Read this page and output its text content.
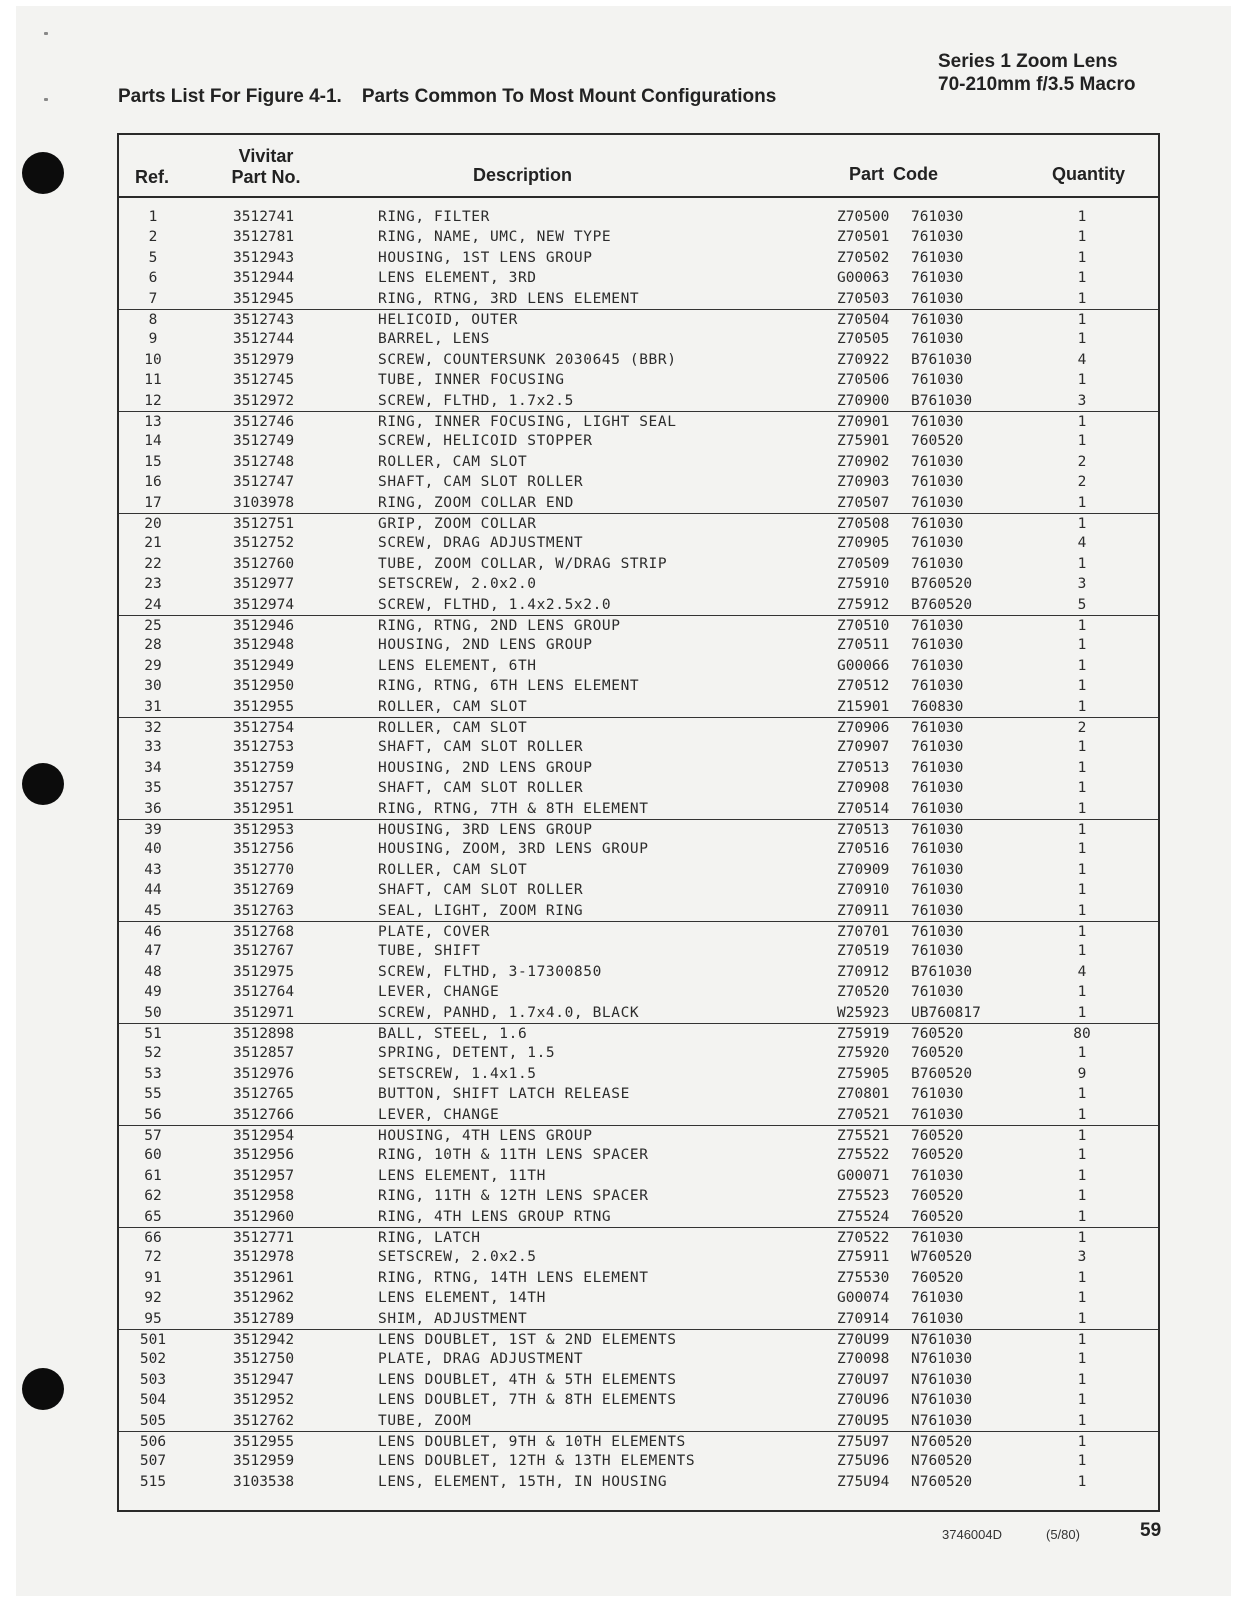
Series 1 Zoom Lens
70-210mm f/3.5 Macro
Parts List For Figure 4-1. Parts Common To Most Mount Configurations
Ref.
Vivitar
Part No.	Description	Part Code	Quantity
1	3512741	RING, FILTER	Z70500 761030	1
2	3512781	RING, NAME, UMC, NEW TYPE	Z70501 761030	1
5	3512943	HOUSING, 1ST LENS GROUP	Z70502 761030	1
6	3512944	LENS ELEMENT, 3RD	G00063 761030	1
7	3512945	RING, RTNG, 3RD LENS ELEMENT	Z70503 761030	1
8	3512743	HELICOID, OUTER	Z70504 761030	1
9	3512744	BARREL, LENS	Z70505 761030	1
10	3512979	SCREW, COUNTERSUNK 2030645 (BBR)	Z70922 B761030	4
11	3512745	TUBE, INNER FOCUSING	Z70506 761030	1
12	3512972	SCREW, FLTHD, 1.7x2.5	Z70900 B761030	3
13	3512746	RING, INNER FOCUSING, LIGHT SEAL	Z70901 761030	1
14	3512749	SCREW, HELICOID STOPPER	Z75901 760520	1
15	3512748	ROLLER, CAM SLOT	Z70902 761030	2
16	3512747	SHAFT, CAM SLOT ROLLER	Z70903 761030	2
17	3103978	RING, ZOOM COLLAR END	Z70507 761030	1
20	3512751	GRIP, ZOOM COLLAR	Z70508 761030	1
21	3512752	SCREW, DRAG ADJUSTMENT	Z70905 761030	4
22	3512760	TUBE, ZOOM COLLAR, W/DRAG STRIP	Z70509 761030	1
23	3512977	SETSCREW, 2.0x2.0	Z75910 B760520	3
24	3512974	SCREW, FLTHD, 1.4x2.5x2.0	Z75912 B760520	5
25	3512946	RING, RTNG, 2ND LENS GROUP	Z70510 761030	1
28	3512948	HOUSING, 2ND LENS GROUP	Z70511 761030	1
29	3512949	LENS ELEMENT, 6TH	G00066 761030	1
30	3512950	RING, RTNG, 6TH LENS ELEMENT	Z70512 761030	1
31	3512955	ROLLER, CAM SLOT	Z15901 760830	1
32	3512754	ROLLER, CAM SLOT	Z70906 761030	2
33	3512753	SHAFT, CAM SLOT ROLLER	Z70907 761030	1
34	3512759	HOUSING, 2ND LENS GROUP	Z70513 761030	1
35	3512757	SHAFT, CAM SLOT ROLLER	Z70908 761030	1
36	3512951	RING, RTNG, 7TH & 8TH ELEMENT	Z70514 761030	1
39	3512953	HOUSING, 3RD LENS GROUP	Z70513 761030	1
40	3512756	HOUSING, ZOOM, 3RD LENS GROUP	Z70516 761030	1
43	3512770	ROLLER, CAM SLOT	Z70909 761030	1
44	3512769	SHAFT, CAM SLOT ROLLER	Z70910 761030	1
45	3512763	SEAL, LIGHT, ZOOM RING	Z70911 761030	1
46	3512768	PLATE, COVER	Z70701 761030	1
47	3512767	TUBE, SHIFT	Z70519 761030	1
48	3512975	SCREW, FLTHD, 3-17300850	Z70912 B761030	4
49	3512764	LEVER, CHANGE	Z70520 761030	1
50	3512971	SCREW, PANHD, 1.7x4.0, BLACK	W25923 UB760817	1
51	3512898	BALL, STEEL, 1.6	Z75919 760520	80
52	3512857	SPRING, DETENT, 1.5	Z75920 760520	1
53	3512976	SETSCREW, 1.4x1.5	Z75905 B760520	9
55	3512765	BUTTON, SHIFT LATCH RELEASE	Z70801 761030	1
56	3512766	LEVER, CHANGE	Z70521 761030	1
57	3512954	HOUSING, 4TH LENS GROUP	Z75521 760520	1
60	3512956	RING, 10TH & 11TH LENS SPACER	Z75522 760520	1
61	3512957	LENS ELEMENT, 11TH	G00071 761030	1
62	3512958	RING, 11TH & 12TH LENS SPACER	Z75523 760520	1
65	3512960	RING, 4TH LENS GROUP RTNG	Z75524 760520	1
66	3512771	RING, LATCH	Z70522 761030	1
72	3512978	SETSCREW, 2.0x2.5	Z75911 W760520	3
91	3512961	RING, RTNG, 14TH LENS ELEMENT	Z75530 760520	1
92	3512962	LENS ELEMENT, 14TH	G00074 761030	1
95	3512789	SHIM, ADJUSTMENT	Z70914 761030	1
501	3512942	LENS DOUBLET, 1ST & 2ND ELEMENTS	Z70U99 N761030	1
502	3512750	PLATE, DRAG ADJUSTMENT	Z70098 N761030	1
503	3512947	LENS DOUBLET, 4TH & 5TH ELEMENTS	Z70U97 N761030	1
504	3512952	LENS DOUBLET, 7TH & 8TH ELEMENTS	Z70U96 N761030	1
505	3512762	TUBE, ZOOM	Z70U95 N761030	1
506	3512955	LENS DOUBLET, 9TH & 10TH ELEMENTS	Z75U97 N760520	1
507	3512959	LENS DOUBLET, 12TH & 13TH ELEMENTS	Z75U96 N760520	1
515	3103538	LENS, ELEMENT, 15TH, IN HOUSING	Z75U94 N760520	1
3746004D	(5/80)	59
